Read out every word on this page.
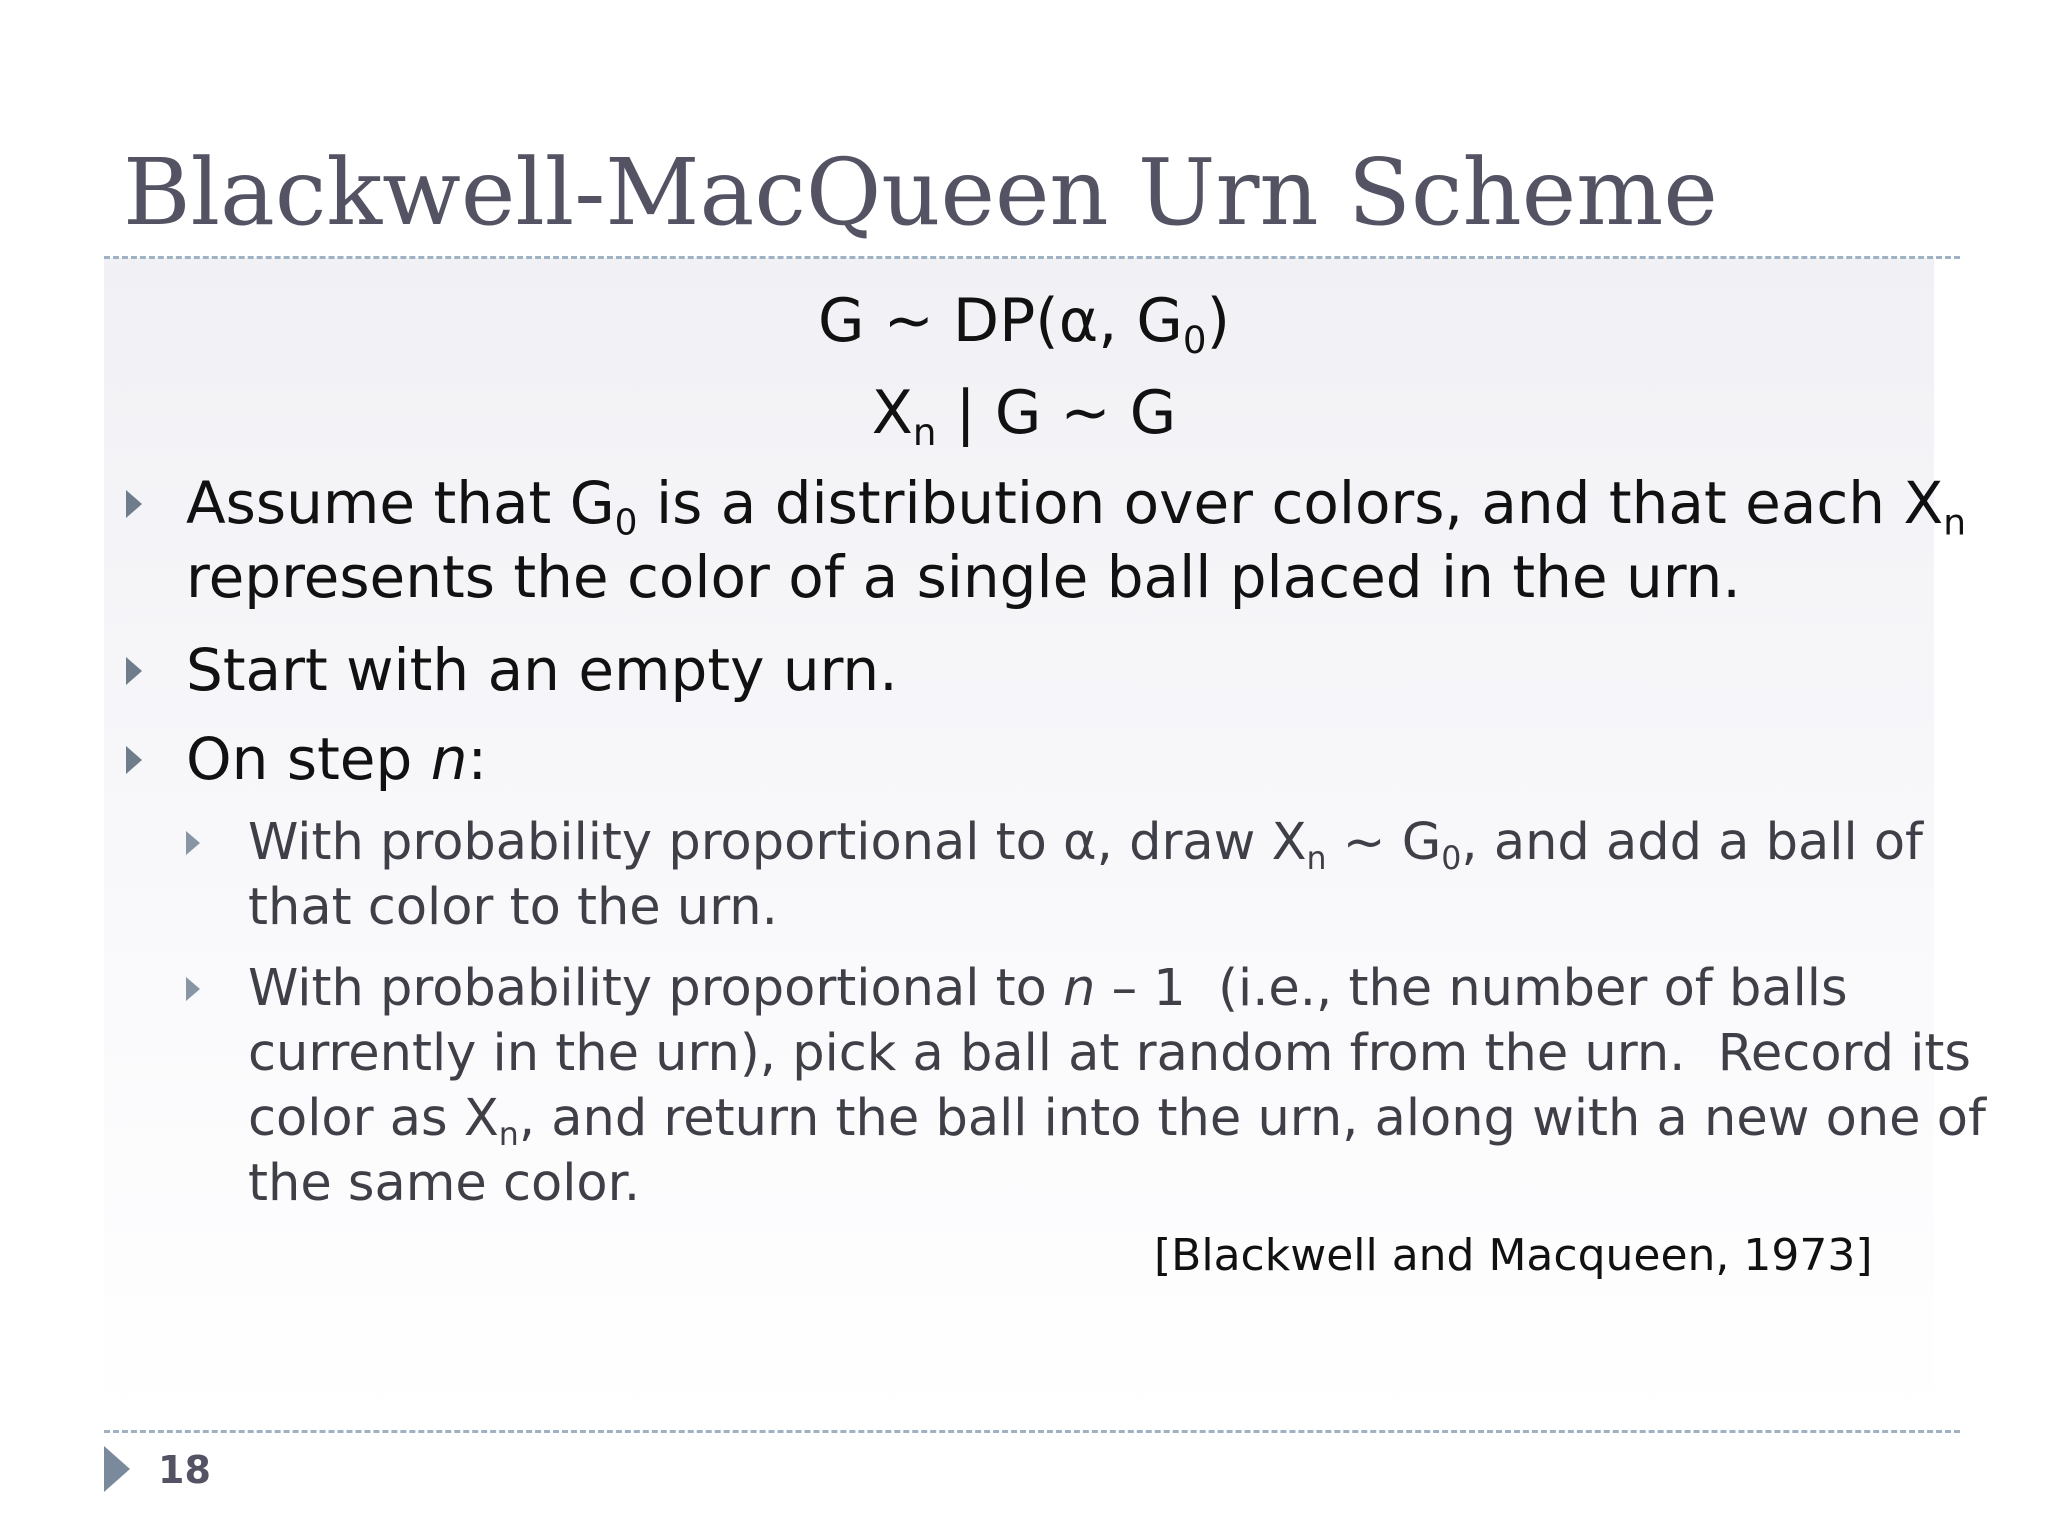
Blackwell-MacQueen Urn Scheme
G ~ DP(α, $G_0$)
$X_n$ | G ~ G
Assume that $G_0$ is a distribution over colors, and that each $X_n$
represents the color of a single ball placed in the urn.
Start with an empty urn.
On step n:
With probability proportional to α, draw $X_n$ ~ $G_0$, and add a ball of
that color to the urn.
With probability proportional to n – 1  (i.e., the number of balls
currently in the urn), pick a ball at random from the urn.  Record its
color as $X_n$, and return the ball into the urn, along with a new one of
the same color.
[Blackwell and Macqueen, 1973]
18
